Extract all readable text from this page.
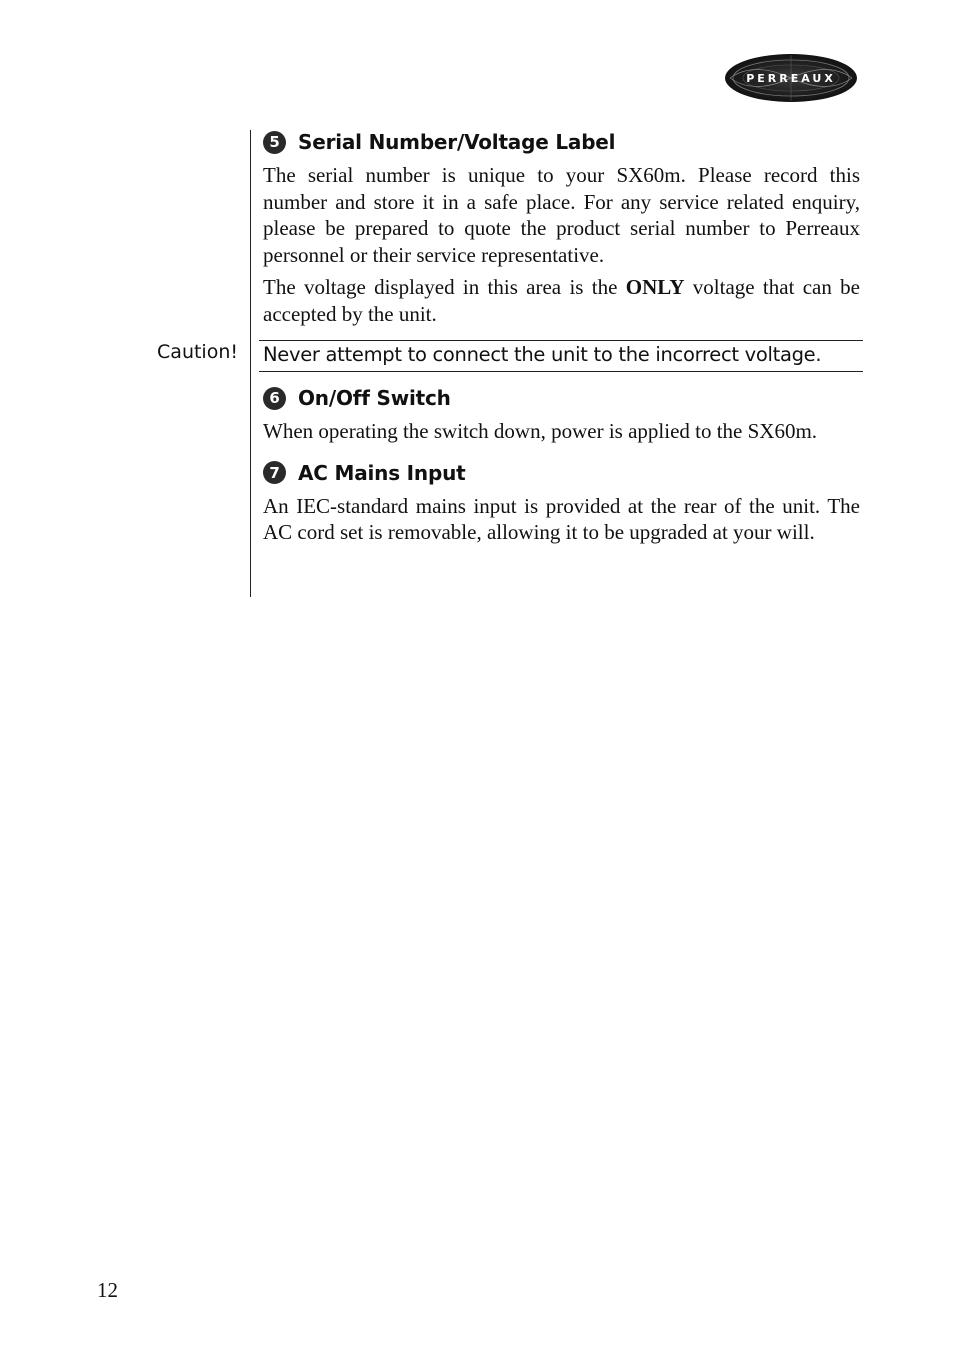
PERREAUX
5 Serial Number/Voltage Label

The serial number is unique to your SX60m. Please record this number and store it in a safe place. For any service related enquiry, please be prepared to quote the product serial number to Perreaux personnel or their service representative.

The voltage displayed in this area is the ONLY voltage that can be accepted by the unit.

6 On/Off Switch

When operating the switch down, power is applied to the SX60m.

7 AC Mains Input

An IEC-standard mains input is provided at the rear of the unit. The AC cord set is removable, allowing it to be upgraded at your will.

Caution! Never attempt to connect the unit to the incorrect voltage.
12
